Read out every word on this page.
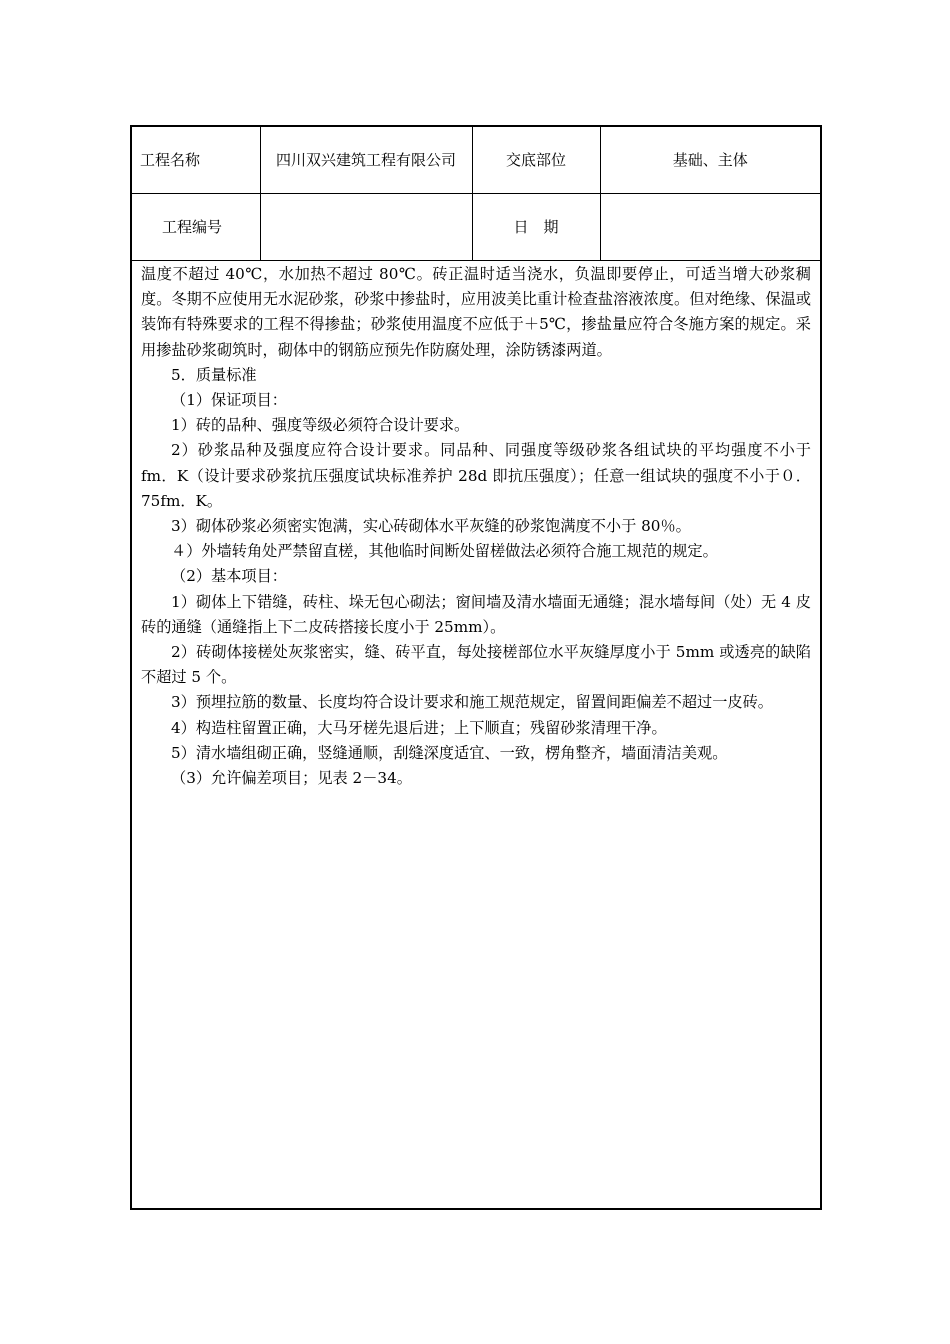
工程名称	四川双兴建筑工程有限公司	交底部位	基础、主体
工程编号		日　期	

温度不超过 40℃，水加热不超过 80℃。砖正温时适当浇水，负温即要停止，可适当增大砂浆稠度。冬期不应使用无水泥砂浆，砂浆中掺盐时，应用波美比重计检查盐溶液浓度。但对绝缘、保温或装饰有特殊要求的工程不得掺盐；砂浆使用温度不应低于＋5℃，掺盐量应符合冬施方案的规定。采用掺盐砂浆砌筑时，砌体中的钢筋应预先作防腐处理，涂防锈漆两道。

5．质量标准

（1）保证项目：

1）砖的品种、强度等级必须符合设计要求。

2）砂浆品种及强度应符合设计要求。同品种、同强度等级砂浆各组试块的平均强度不小于 fm．K（设计要求砂浆抗压强度试块标准养护 28d 即抗压强度）；任意一组试块的强度不小于０．75fm．K。

3）砌体砂浆必须密实饱满，实心砖砌体水平灰缝的砂浆饱满度不小于 80％。

４）外墙转角处严禁留直槎，其他临时间断处留槎做法必须符合施工规范的规定。

（2）基本项目：

1）砌体上下错缝，砖柱、垛无包心砌法；窗间墙及清水墙面无通缝；混水墙每间（处）无 4 皮砖的通缝（通缝指上下二皮砖搭接长度小于 25mm）。

2）砖砌体接槎处灰浆密实，缝、砖平直，每处接槎部位水平灰缝厚度小于 5mm 或透亮的缺陷不超过 5 个。

3）预埋拉筋的数量、长度均符合设计要求和施工规范规定，留置间距偏差不超过一皮砖。

4）构造柱留置正确，大马牙槎先退后进；上下顺直；残留砂浆清理干净。

5）清水墙组砌正确，竖缝通顺，刮缝深度适宜、一致，楞角整齐，墙面清洁美观。

（3）允许偏差项目；见表 2－34。
